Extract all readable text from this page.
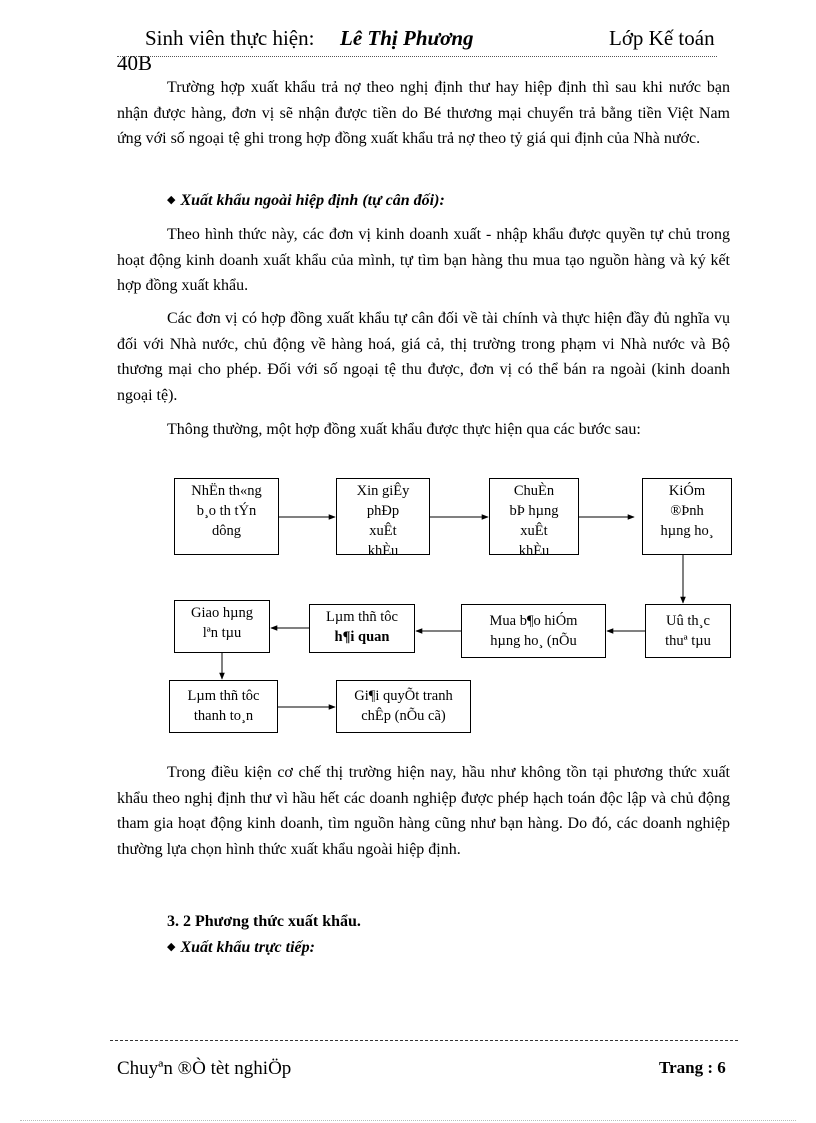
Sinh viên thực hiện: Lê Thị Phương	Lớp Kế toán
40B

Trường hợp xuất khẩu trả nợ theo nghị định thư hay hiệp định thì sau khi nước bạn nhận được hàng, đơn vị sẽ nhận được tiền do Bé thương mại chuyển trả bằng tiền Việt Nam ứng với số ngoại tệ ghi trong hợp đồng xuất khẩu trả nợ theo tỷ giá qui định của Nhà nước.

◆ Xuất khẩu ngoài hiệp định (tự cân đối):

Theo hình thức này, các đơn vị kinh doanh xuất - nhập khẩu được quyền tự chủ trong hoạt động kinh doanh xuất khẩu của mình, tự tìm bạn hàng thu mua tạo nguồn hàng và ký kết hợp đồng xuất khẩu.

Các đơn vị có hợp đồng xuất khẩu tự cân đối về tài chính và thực hiện đầy đủ nghĩa vụ đối với Nhà nước, chủ động về hàng hoá, giá cả, thị trường trong phạm vi Nhà nước và Bộ thương mại cho phép. Đối với số ngoại tệ thu được, đơn vị có thể bán ra ngoài (kinh doanh ngoại tệ).

Thông thường, một hợp đồng xuất khẩu được thực hiện qua các bước sau:

NhËn th«ng
b¸o th tÝn
dông
Xin giÊy
phÐp
xuÊt
khÈu
ChuÈn
bÞ hµng
xuÊt
khÈu
KiÓm
®Þnh
hµng ho¸
Uû th¸c
thuª tµu
Mua b¶o hiÓm
hµng ho¸ (nÕu
Lµm thñ tôc
h¶i quan
Giao hµng
lªn tµu
Lµm thñ tôc
thanh to¸n
Gi¶i quyÕt tranh
chÊp (nÕu cã)

Trong điều kiện cơ chế thị trường hiện nay, hầu như không tồn tại phương thức xuất khẩu theo nghị định thư vì hầu hết các doanh nghiệp được phép hạch toán độc lập và chủ động tham gia hoạt động kinh doanh, tìm nguồn hàng cũng như bạn hàng. Do đó, các doanh nghiệp thường lựa chọn hình thức xuất khẩu ngoài hiệp định.

3. 2 Phương thức xuất khẩu.

◆ Xuất khẩu trực tiếp:

Chuyªn ®Ò tèt nghiÖp	Trang : 6
